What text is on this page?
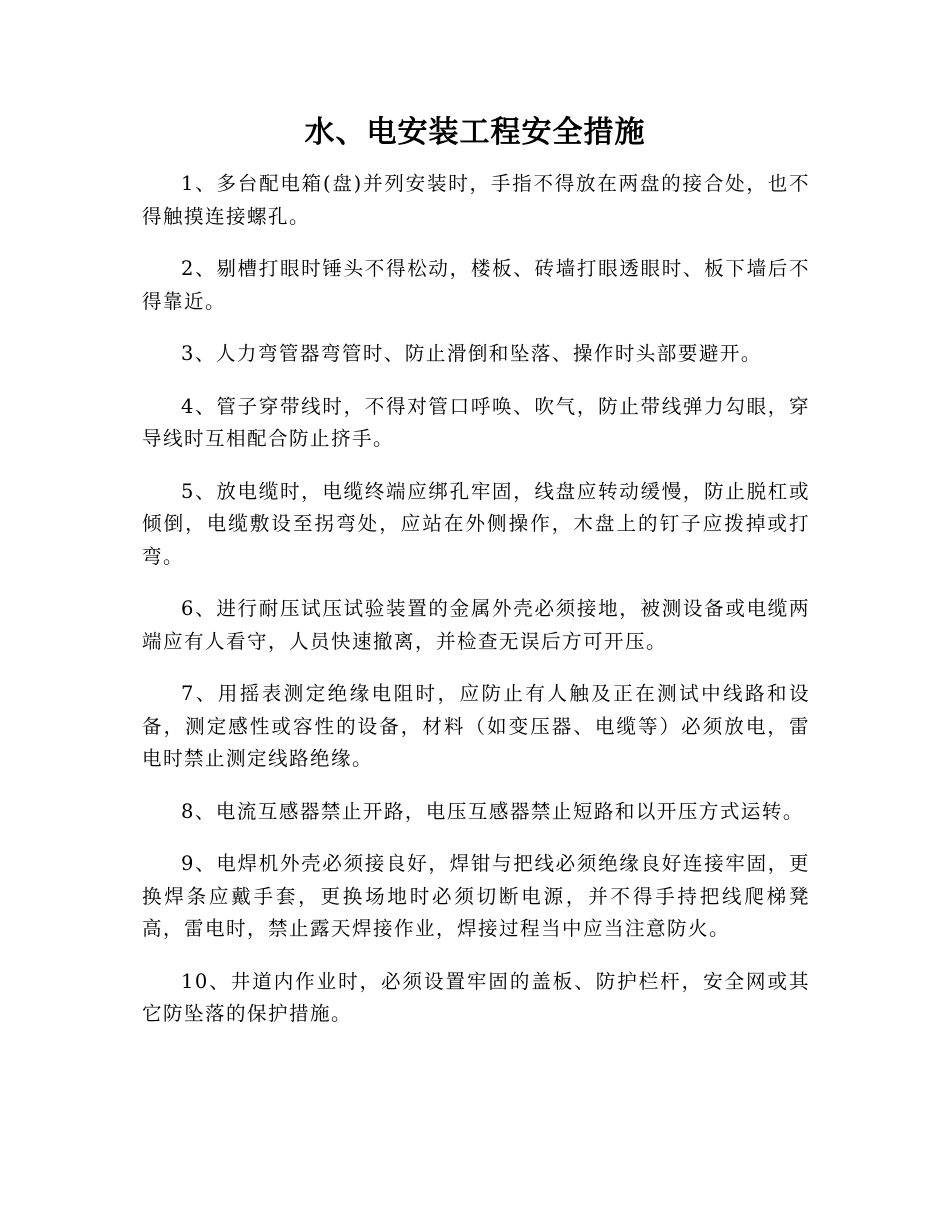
水、电安装工程安全措施

1、多台配电箱(盘)并列安装时，手指不得放在两盘的接合处，也不得触摸连接螺孔。

2、剔槽打眼时锤头不得松动，楼板、砖墙打眼透眼时、板下墙后不得靠近。

3、人力弯管器弯管时、防止滑倒和坠落、操作时头部要避开。

4、管子穿带线时，不得对管口呼唤、吹气，防止带线弹力勾眼，穿导线时互相配合防止挤手。

5、放电缆时，电缆终端应绑孔牢固，线盘应转动缓慢，防止脱杠或倾倒，电缆敷设至拐弯处，应站在外侧操作，木盘上的钉子应拨掉或打弯。

6、进行耐压试压试验装置的金属外壳必须接地，被测设备或电缆两端应有人看守，人员快速撤离，并检查无误后方可开压。

7、用摇表测定绝缘电阻时，应防止有人触及正在测试中线路和设备，测定感性或容性的设备，材料（如变压器、电缆等）必须放电，雷电时禁止测定线路绝缘。

8、电流互感器禁止开路，电压互感器禁止短路和以开压方式运转。

9、电焊机外壳必须接良好，焊钳与把线必须绝缘良好连接牢固，更换焊条应戴手套，更换场地时必须切断电源，并不得手持把线爬梯凳高，雷电时，禁止露天焊接作业，焊接过程当中应当注意防火。

10、井道内作业时，必须设置牢固的盖板、防护栏杆，安全网或其它防坠落的保护措施。
